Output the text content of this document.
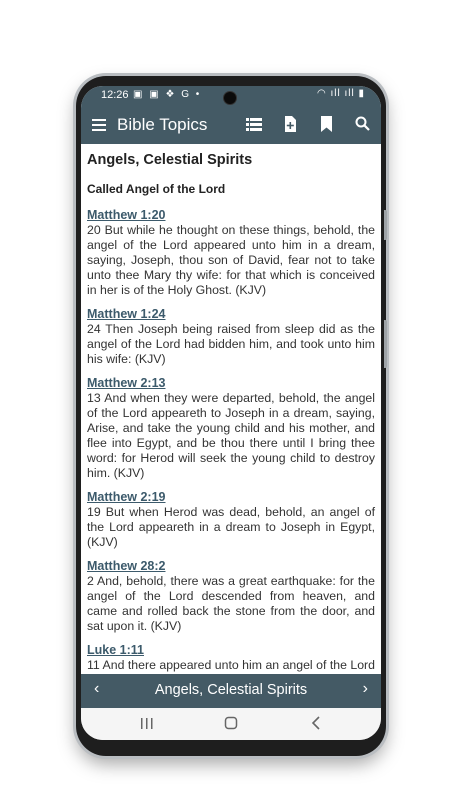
12:26 ▣ ▣ ❖ G •	◠ ıll ıll ▮
Bible Topics
Angels, Celestial Spirits
Called Angel of the Lord
Matthew 1:20
20 But while he thought on these things, behold, the angel of the Lord appeared unto him in a dream, saying, Joseph, thou son of David, fear not to take unto thee Mary thy wife: for that which is conceived in her is of the Holy Ghost. (KJV)
Matthew 1:24
24 Then Joseph being raised from sleep did as the angel of the Lord had bidden him, and took unto him his wife: (KJV)
Matthew 2:13
13 And when they were departed, behold, the angel of the Lord appeareth to Joseph in a dream, saying, Arise, and take the young child and his mother, and flee into Egypt, and be thou there until I bring thee word: for Herod will seek the young child to destroy him. (KJV)
Matthew 2:19
19 But when Herod was dead, behold, an angel of the Lord appeareth in a dream to Joseph in Egypt, (KJV)
Matthew 28:2
2 And, behold, there was a great earthquake: for the angel of the Lord descended from heaven, and came and rolled back the stone from the door, and sat upon it. (KJV)
Luke 1:11
11 And there appeared unto him an angel of the Lord
‹	Angels, Celestial Spirits	›
